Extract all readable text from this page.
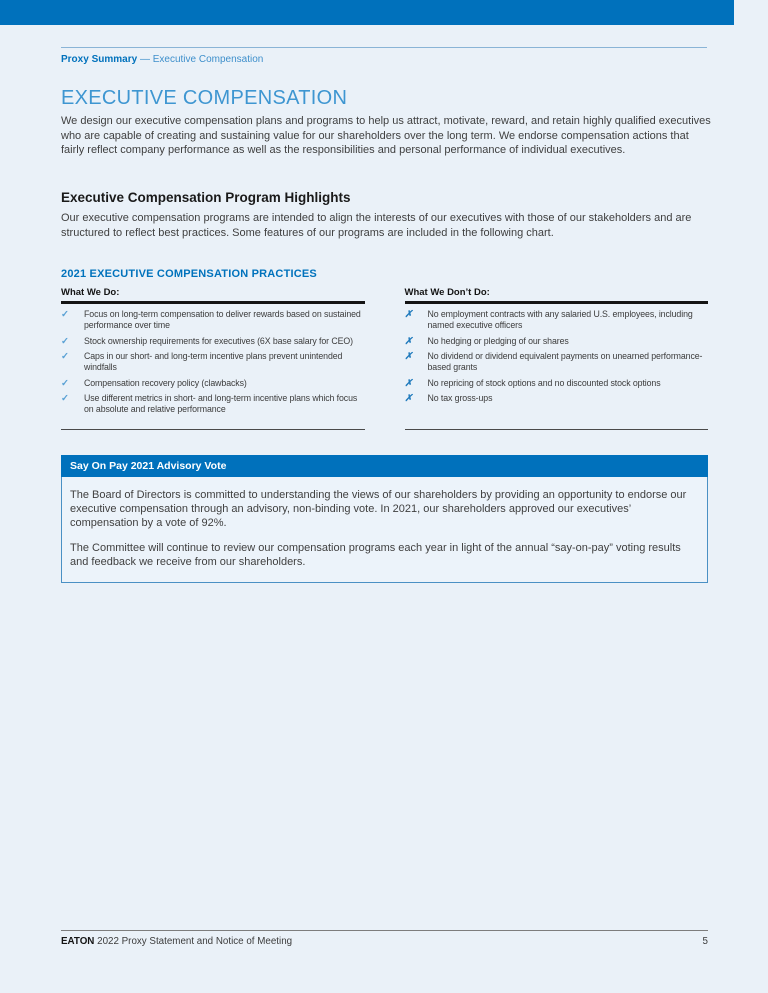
Proxy Summary — Executive Compensation
EXECUTIVE COMPENSATION

We design our executive compensation plans and programs to help us attract, motivate, reward, and retain highly qualified executives who are capable of creating and sustaining value for our shareholders over the long term. We endorse compensation actions that fairly reflect company performance as well as the responsibilities and personal performance of individual executives.

Executive Compensation Program Highlights

Our executive compensation programs are intended to align the interests of our executives with those of our stakeholders and are structured to reflect best practices. Some features of our programs are included in the following chart.

2021 EXECUTIVE COMPENSATION PRACTICES
What We Do:
✓	Focus on long-term compensation to deliver rewards based on sustained performance over time
✓	Stock ownership requirements for executives (6X base salary for CEO)
✓	Caps in our short- and long-term incentive plans prevent unintended windfalls
✓	Compensation recovery policy (clawbacks)
✓	Use different metrics in short- and long-term incentive plans which focus on absolute and relative performance
What We Don’t Do:
✗	No employment contracts with any salaried U.S. employees, including named executive officers
✗	No hedging or pledging of our shares
✗	No dividend or dividend equivalent payments on unearned performance-based grants
✗	No repricing of stock options and no discounted stock options
✗	No tax gross-ups
Say On Pay 2021 Advisory Vote

The Board of Directors is committed to understanding the views of our shareholders by providing an opportunity to endorse our executive compensation through an advisory, non-binding vote. In 2021, our shareholders approved our executives’ compensation by a vote of 92%.

The Committee will continue to review our compensation programs each year in light of the annual “say-on-pay” voting results and feedback we receive from our shareholders.

EATON 2022 Proxy Statement and Notice of Meeting	5
